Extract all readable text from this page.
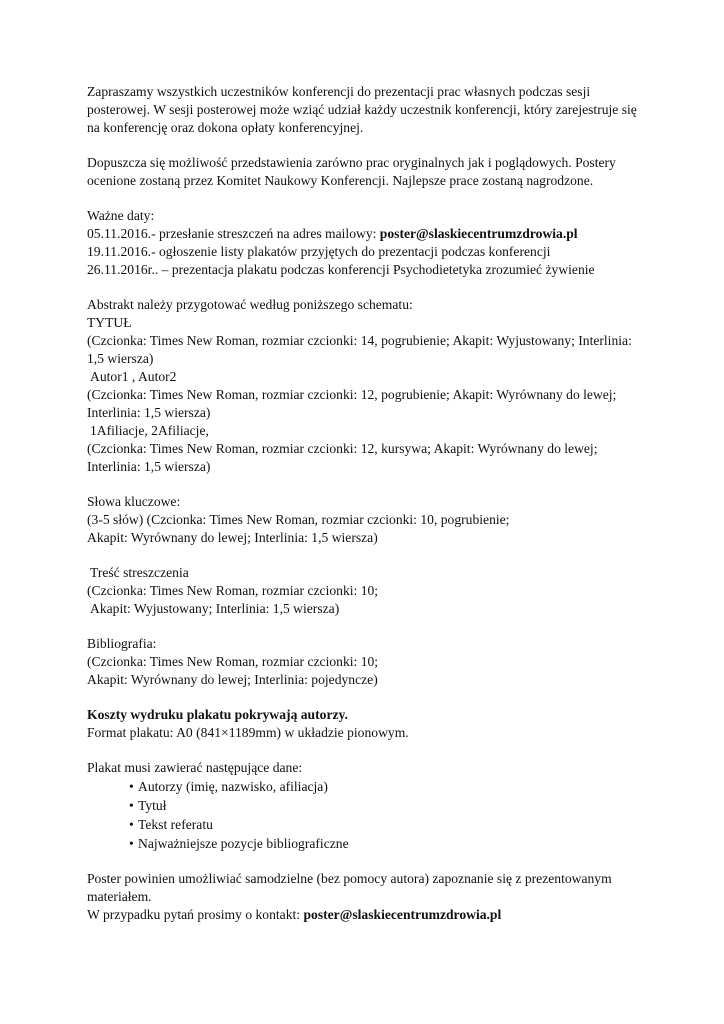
Zapraszamy wszystkich uczestników konferencji do prezentacji prac własnych podczas sesji posterowej. W sesji posterowej może wziąć udział każdy uczestnik konferencji, który zarejestruje się na konferencję oraz dokona opłaty konferencyjnej.

Dopuszcza się możliwość przedstawienia zarówno prac oryginalnych jak i poglądowych. Postery ocenione zostaną przez Komitet Naukowy Konferencji. Najlepsze prace zostaną nagrodzone.

Ważne daty:

05.11.2016.- przesłanie streszczeń na adres mailowy: poster@slaskiecentrumzdrowia.pl

19.11.2016.- ogłoszenie listy plakatów przyjętych do prezentacji podczas konferencji

26.11.2016r.. – prezentacja plakatu podczas konferencji Psychodietetyka zrozumieć żywienie

Abstrakt należy przygotować według poniższego schematu:

TYTUŁ

(Czcionka: Times New Roman, rozmiar czcionki: 14, pogrubienie; Akapit: Wyjustowany; Interlinia: 1,5 wiersza)

Autor1 , Autor2

(Czcionka: Times New Roman, rozmiar czcionki: 12, pogrubienie; Akapit: Wyrównany do lewej; Interlinia: 1,5 wiersza)

1Afiliacje, 2Afiliacje,

(Czcionka: Times New Roman, rozmiar czcionki: 12, kursywa; Akapit: Wyrównany do lewej; Interlinia: 1,5 wiersza)

Słowa kluczowe:

(3-5 słów) (Czcionka: Times New Roman, rozmiar czcionki: 10, pogrubienie;

Akapit: Wyrównany do lewej; Interlinia: 1,5 wiersza)

Treść streszczenia

(Czcionka: Times New Roman, rozmiar czcionki: 10;

Akapit: Wyjustowany; Interlinia: 1,5 wiersza)

Bibliografia:

(Czcionka: Times New Roman, rozmiar czcionki: 10;

Akapit: Wyrównany do lewej; Interlinia: pojedyncze)

Koszty wydruku plakatu pokrywają autorzy.

Format plakatu: A0 (841×1189mm) w układzie pionowym.

Plakat musi zawierać następujące dane:

• Autorzy (imię, nazwisko, afiliacja)
• Tytuł
• Tekst referatu
• Najważniejsze pozycje bibliograficzne

Poster powinien umożliwiać samodzielne (bez pomocy autora) zapoznanie się z prezentowanym materiałem.

W przypadku pytań prosimy o kontakt: poster@slaskiecentrumzdrowia.pl
